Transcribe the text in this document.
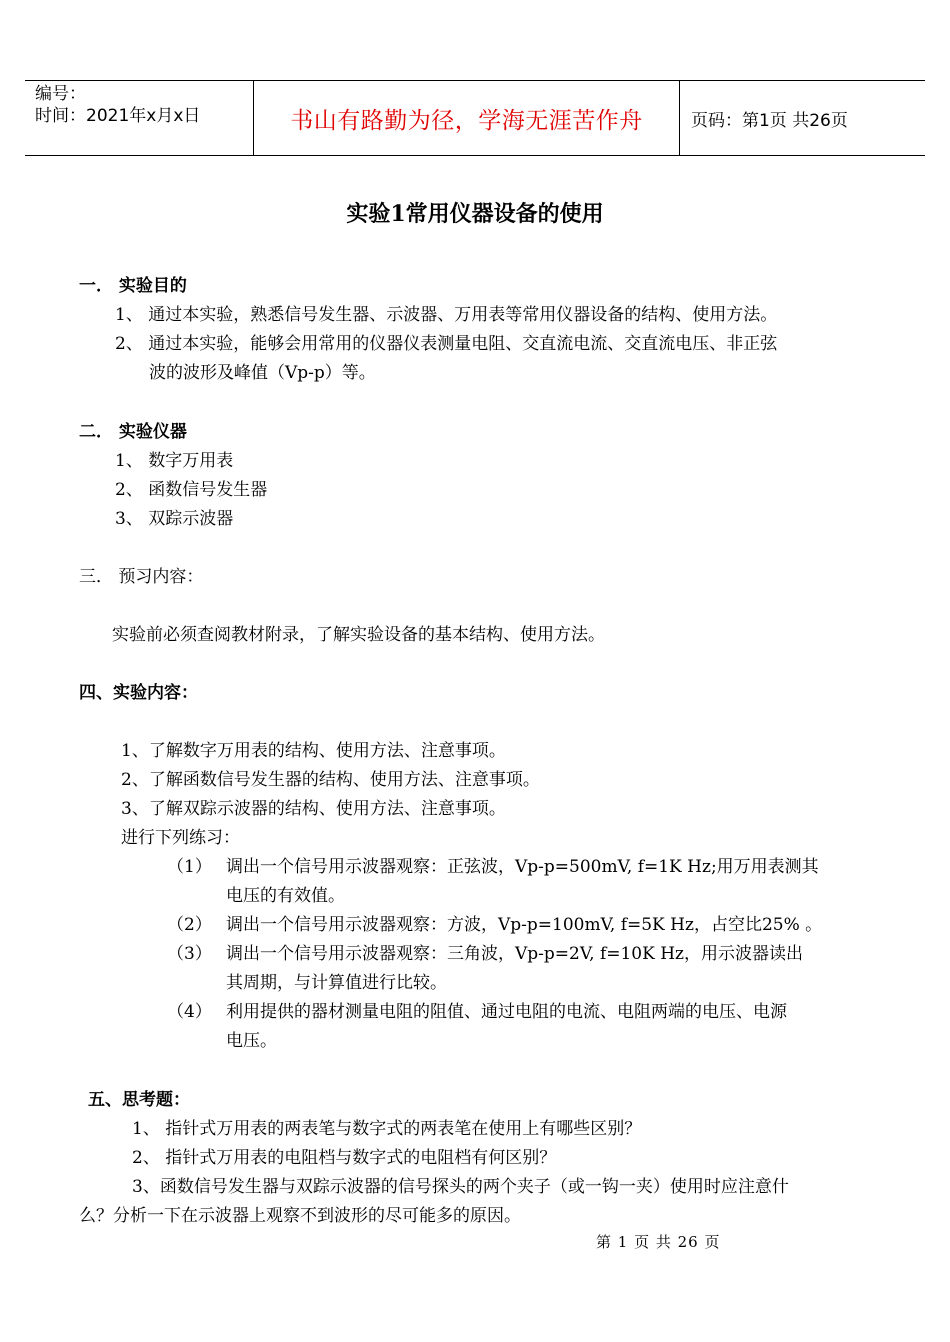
编号：
时间：2021年x月x日	书山有路勤为径，学海无涯苦作舟	页码：第1页 共26页
实验1常用仪器设备的使用
一． 实验目的
1、 通过本实验，熟悉信号发生器、示波器、万用表等常用仪器设备的结构、使用方法。
2、 通过本实验，能够会用常用的仪器仪表测量电阻、交直流电流、交直流电压、非正弦
波的波形及峰值（Vp-p）等。
二． 实验仪器
1、 数字万用表
2、 函数信号发生器
3、 双踪示波器
三． 预习内容：
实验前必须查阅教材附录，了解实验设备的基本结构、使用方法。
四、实验内容：
1、了解数字万用表的结构、使用方法、注意事项。
2、了解函数信号发生器的结构、使用方法、注意事项。
3、了解双踪示波器的结构、使用方法、注意事项。
进行下列练习：
（1） 调出一个信号用示波器观察：正弦波，Vp-p=500mV, f=1K Hz;用万用表测其
电压的有效值。
（2） 调出一个信号用示波器观察：方波，Vp-p=100mV, f=5K Hz，占空比25% 。
（3） 调出一个信号用示波器观察：三角波，Vp-p=2V, f=10K Hz，用示波器读出
其周期，与计算值进行比较。
（4） 利用提供的器材测量电阻的阻值、通过电阻的电流、电阻两端的电压、电源
电压。
五、思考题：
1、 指针式万用表的两表笔与数字式的两表笔在使用上有哪些区别？
2、 指针式万用表的电阻档与数字式的电阻档有何区别？
3、函数信号发生器与双踪示波器的信号探头的两个夹子（或一钩一夹）使用时应注意什
么？分析一下在示波器上观察不到波形的尽可能多的原因。
第 1 页 共 26 页
